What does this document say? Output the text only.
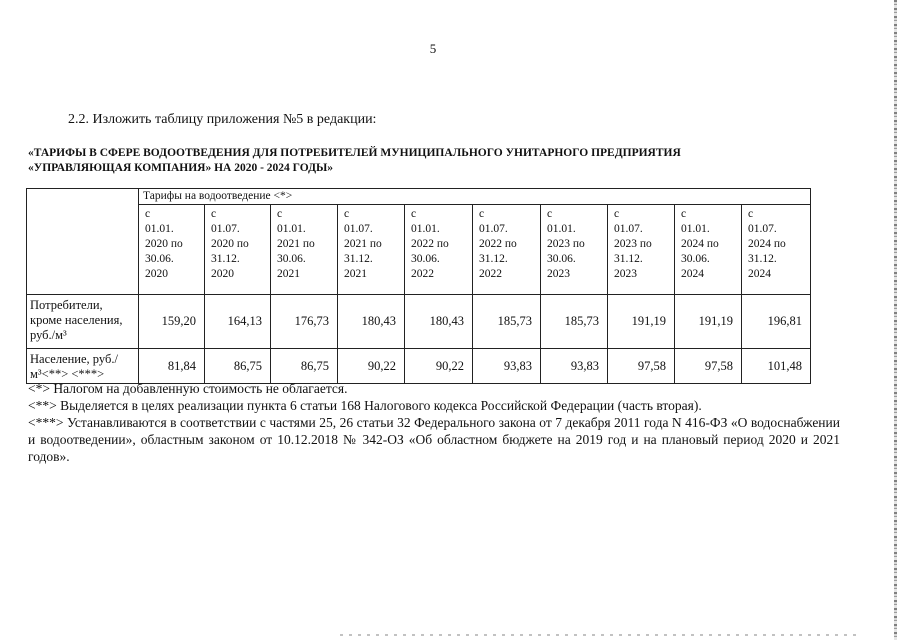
5
2.2. Изложить таблицу приложения №5 в редакции:
«ТАРИФЫ В СФЕРЕ ВОДООТВЕДЕНИЯ ДЛЯ ПОТРЕБИТЕЛЕЙ МУНИЦИПАЛЬНОГО УНИТАРНОГО ПРЕДПРИЯТИЯ
«УПРАВЛЯЮЩАЯ КОМПАНИЯ» НА 2020 - 2024 ГОДЫ»
	Тарифы на водоотведение <*>									

	с
01.01.
2020 по
30.06.
2020	с
01.07.
2020 по
31.12.
2020	с
01.01.
2021 по
30.06.
2021	с
01.07.
2021 по
31.12.
2021	с
01.01.
2022 по
30.06.
2022	с
01.07.
2022 по
31.12.
2022	с
01.01.
2023 по
30.06.
2023	с
01.07.
2023 по
31.12.
2023	с
01.01.
2024 по
30.06.
2024	с
01.07.
2024 по
31.12.
2024

Потребители,
кроме населения,
руб./м³	159,20	164,13	176,73	180,43	180,43	185,73	185,73	191,19	191,19	196,81

Население, руб./
м³<**> <***>	81,84	86,75	86,75	90,22	90,22	93,83	93,83	97,58	97,58	101,48

<*> Налогом на добавленную стоимость не облагается.

<**> Выделяется в целях реализации пункта 6 статьи 168 Налогового кодекса Российской Федерации (часть вторая).

<***> Устанавливаются в соответствии с частями 25, 26 статьи 32 Федерального закона от 7 декабря 2011 года N 416-ФЗ «О водоснабжении и водоотведении», областным законом от 10.12.2018 № 342-ОЗ «Об областном бюджете на 2019 год и на плановый период 2020 и 2021 годов».
